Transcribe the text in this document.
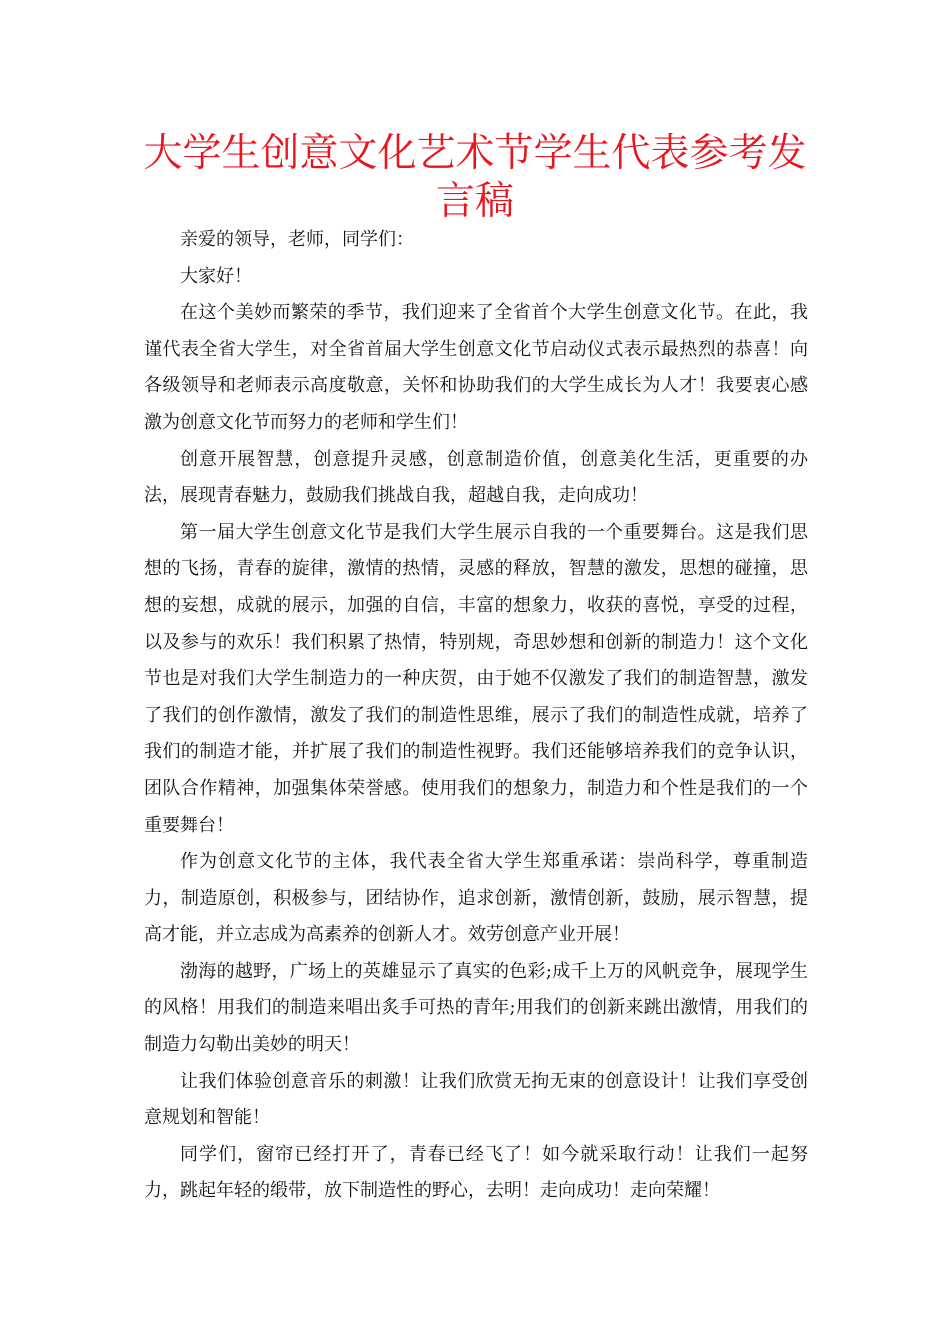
大学生创意文化艺术节学生代表参考发言稿

亲爱的领导，老师，同学们：

大家好！

在这个美妙而繁荣的季节，我们迎来了全省首个大学生创意文化节。在此，我谨代表全省大学生，对全省首届大学生创意文化节启动仪式表示最热烈的恭喜！向各级领导和老师表示高度敬意，关怀和协助我们的大学生成长为人才！我要衷心感激为创意文化节而努力的老师和学生们！

创意开展智慧，创意提升灵感，创意制造价值，创意美化生活，更重要的办法，展现青春魅力，鼓励我们挑战自我，超越自我，走向成功！

第一届大学生创意文化节是我们大学生展示自我的一个重要舞台。这是我们思想的飞扬，青春的旋律，激情的热情，灵感的释放，智慧的激发，思想的碰撞，思想的妄想，成就的展示，加强的自信，丰富的想象力，收获的喜悦，享受的过程，以及参与的欢乐！我们积累了热情，特别规，奇思妙想和创新的制造力！这个文化节也是对我们大学生制造力的一种庆贺，由于她不仅激发了我们的制造智慧，激发了我们的创作激情，激发了我们的制造性思维，展示了我们的制造性成就，培养了我们的制造才能，并扩展了我们的制造性视野。我们还能够培养我们的竞争认识，团队合作精神，加强集体荣誉感。使用我们的想象力，制造力和个性是我们的一个重要舞台！

作为创意文化节的主体，我代表全省大学生郑重承诺：崇尚科学，尊重制造力，制造原创，积极参与，团结协作，追求创新，激情创新，鼓励，展示智慧，提高才能，并立志成为高素养的创新人才。效劳创意产业开展！

渤海的越野，广场上的英雄显示了真实的色彩;成千上万的风帆竞争，展现学生的风格！用我们的制造来唱出炙手可热的青年;用我们的创新来跳出激情，用我们的制造力勾勒出美妙的明天！

让我们体验创意音乐的刺激！让我们欣赏无拘无束的创意设计！让我们享受创意规划和智能！

同学们，窗帘已经打开了，青春已经飞了！如今就采取行动！让我们一起努力，跳起年轻的缎带，放下制造性的野心，去明！走向成功！走向荣耀！
